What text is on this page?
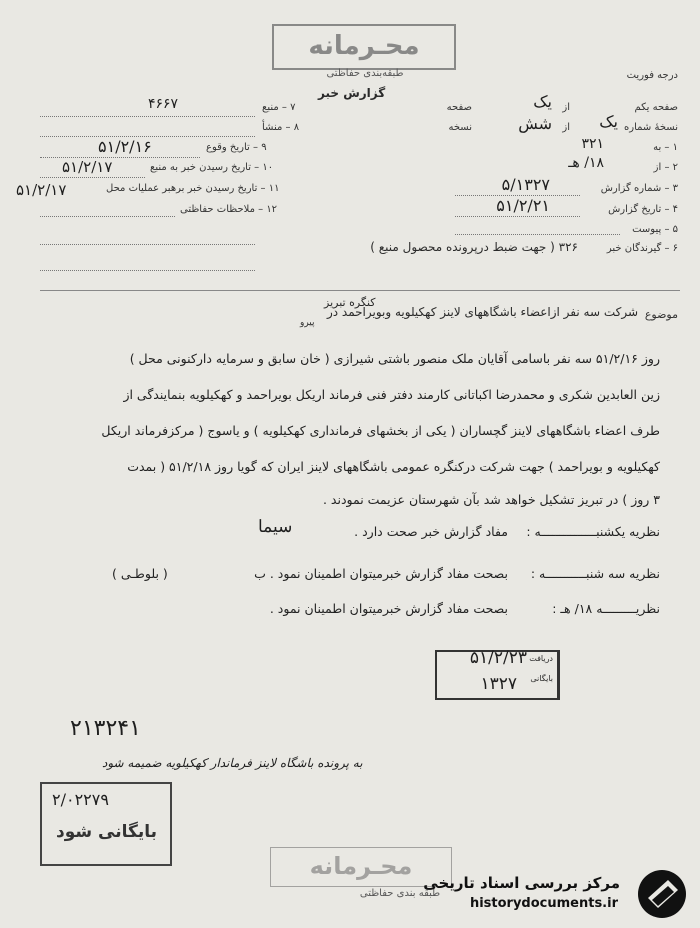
محـرمانه
طبقه‌بندی حفاظتی	درجه فوریت
گزارش خبر
صفحه یکم
از
یک
صفحه
نسخهٔ شماره
یک
از
شش
نسخه
۱ – به
۳۲۱
۲ – از
۱۸/ هـ
۳ – شماره گزارش
۵/۱۳۲۷
۴ – تاریخ گزارش
۵۱/۲/۲۱
۵ – پیوست
۶ – گیرندگان خبر
۳۲۶ ( جهت ضبط درپرونده محصول منبع )
۷ – منبع
۴۶۶۷
۸ – منشأ
۹ – تاریخ وقوع
۵۱/۲/۱۶
۱۰ – تاریخ رسیدن خبر به منبع
۵۱/۲/۱۷
۱۱ – تاریخ رسیدن خبر برهبر عملیات محل
۵۱/۲/۱۷
۱۲ – ملاحظات حفاظتی
کنگره تبریز
پیرو
موضوع
شرکت سه نفر ازاعضاء باشگاههای لاینز کهکیلویه وبویراحمد در
روز ۵۱/۲/۱۶ سه نفر باسامی آقایان ملک منصور باشتی شیرازی ( خان سابق و سرمایه دارکنونی محل )
زین العابدین شکری و محمدرضا اکباتانی کارمند دفتر فنی فرماند اریکل بویراحمد و کهکیلویه بنمایندگی از
طرف اعضاء باشگاههای لاینز گچساران ( یکی از بخشهای فرمانداری کهکیلویه ) و یاسوج ( مرکزفرماند اریکل
کهکیلویه و بویراحمد ) جهت شرکت درکنگره عمومی باشگاههای لاینز ایران که گویا روز ۵۱/۲/۱۸ ( بمدت
۳ روز ) در تبریز تشکیل خواهد شد بآن شهرستان عزیمت نمودند .
نظریه یکشنبـــــــــــــــه :
مفاد گزارش خبر صحت دارد .
سیما
نظریه سه شنبـــــــــــه :
بصحت مفاد گزارش خبرمیتوان اطمینان نمود . ب
( بلوطـی )
نظریـــــــــه ۱۸/ هـ :
بصحت مفاد گزارش خبرمیتوان اطمینان نمود .
دریافت
۵۱/۲/۲۳
بایگانی
۱۳۲۷
۲۱۳۲۴۱
به پرونده باشگاه لاینز فرماندار کهکیلویه ضمیمه شود
۲/۰۲۲۷۹
بایگانی شود
محـرمانه
طبقه بندی حفاظتی
مرکز بررسی اسناد تاریخی
historydocuments.ir
